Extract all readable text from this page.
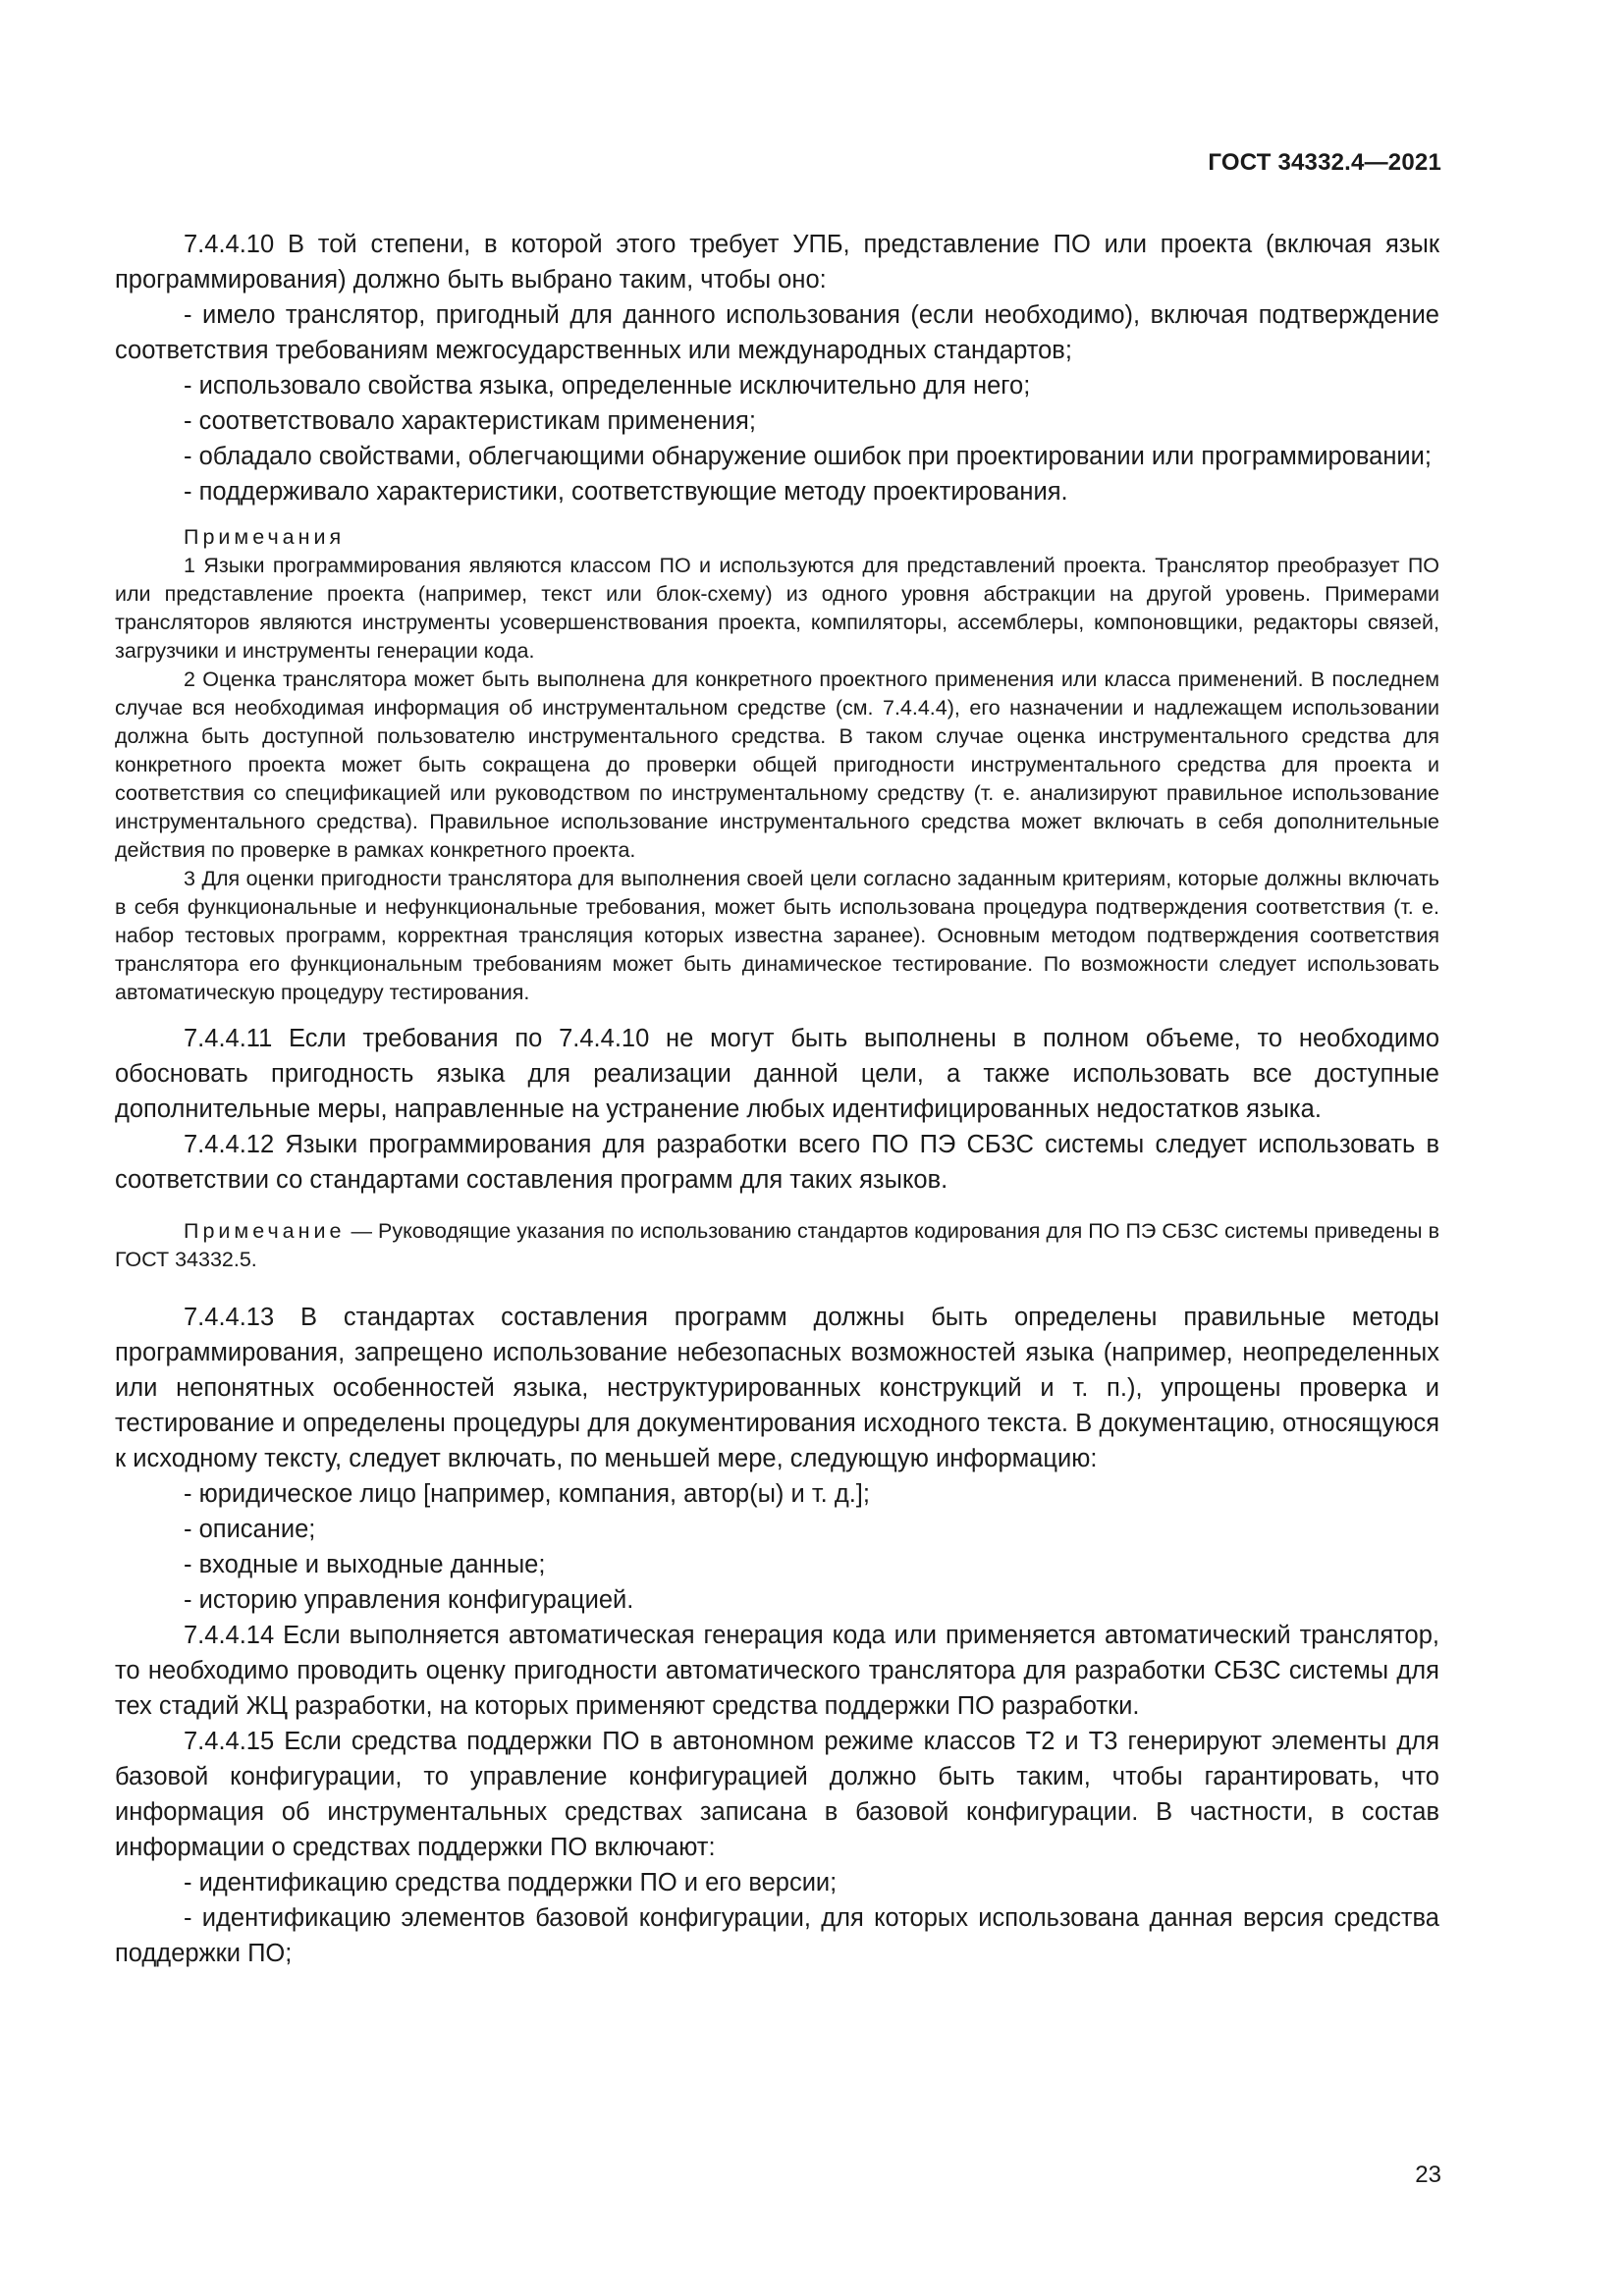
ГОСТ 34332.4—2021

7.4.4.10 В той степени, в которой этого требует УПБ, представление ПО или проекта (включая язык программирования) должно быть выбрано таким, чтобы оно:

- имело транслятор, пригодный для данного использования (если необходимо), включая подтверждение соответствия требованиям межгосударственных или международных стандартов;

- использовало свойства языка, определенные исключительно для него;

- соответствовало характеристикам применения;

- обладало свойствами, облегчающими обнаружение ошибок при проектировании или программировании;

- поддерживало характеристики, соответствующие методу проектирования.

Примечания

1 Языки программирования являются классом ПО и используются для представлений проекта. Транслятор преобразует ПО или представление проекта (например, текст или блок-схему) из одного уровня абстракции на другой уровень. Примерами трансляторов являются инструменты усовершенствования проекта, компиляторы, ассемблеры, компоновщики, редакторы связей, загрузчики и инструменты генерации кода.

2 Оценка транслятора может быть выполнена для конкретного проектного применения или класса применений. В последнем случае вся необходимая информация об инструментальном средстве (см. 7.4.4.4), его назначении и надлежащем использовании должна быть доступной пользователю инструментального средства. В таком случае оценка инструментального средства для конкретного проекта может быть сокращена до проверки общей пригодности инструментального средства для проекта и соответствия со спецификацией или руководством по инструментальному средству (т. е. анализируют правильное использование инструментального средства). Правильное использование инструментального средства может включать в себя дополнительные действия по проверке в рамках конкретного проекта.

3 Для оценки пригодности транслятора для выполнения своей цели согласно заданным критериям, которые должны включать в себя функциональные и нефункциональные требования, может быть использована процедура подтверждения соответствия (т. е. набор тестовых программ, корректная трансляция которых известна заранее). Основным методом подтверждения соответствия транслятора его функциональным требованиям может быть динамическое тестирование. По возможности следует использовать автоматическую процедуру тестирования.

7.4.4.11 Если требования по 7.4.4.10 не могут быть выполнены в полном объеме, то необходимо обосновать пригодность языка для реализации данной цели, а также использовать все доступные дополнительные меры, направленные на устранение любых идентифицированных недостатков языка.

7.4.4.12 Языки программирования для разработки всего ПО ПЭ СБЗС системы следует использовать в соответствии со стандартами составления программ для таких языков.

Примечание — Руководящие указания по использованию стандартов кодирования для ПО ПЭ СБЗС системы приведены в ГОСТ 34332.5.

7.4.4.13 В стандартах составления программ должны быть определены правильные методы программирования, запрещено использование небезопасных возможностей языка (например, неопределенных или непонятных особенностей языка, неструктурированных конструкций и т. п.), упрощены проверка и тестирование и определены процедуры для документирования исходного текста. В документацию, относящуюся к исходному тексту, следует включать, по меньшей мере, следующую информацию:

- юридическое лицо [например, компания, автор(ы) и т. д.];

- описание;

- входные и выходные данные;

- историю управления конфигурацией.

7.4.4.14 Если выполняется автоматическая генерация кода или применяется автоматический транслятор, то необходимо проводить оценку пригодности автоматического транслятора для разработки СБЗС системы для тех стадий ЖЦ разработки, на которых применяют средства поддержки ПО разработки.

7.4.4.15 Если средства поддержки ПО в автономном режиме классов Т2 и Т3 генерируют элементы для базовой конфигурации, то управление конфигурацией должно быть таким, чтобы гарантировать, что информация об инструментальных средствах записана в базовой конфигурации. В частности, в состав информации о средствах поддержки ПО включают:

- идентификацию средства поддержки ПО и его версии;

- идентификацию элементов базовой конфигурации, для которых использована данная версия средства поддержки ПО;

23
